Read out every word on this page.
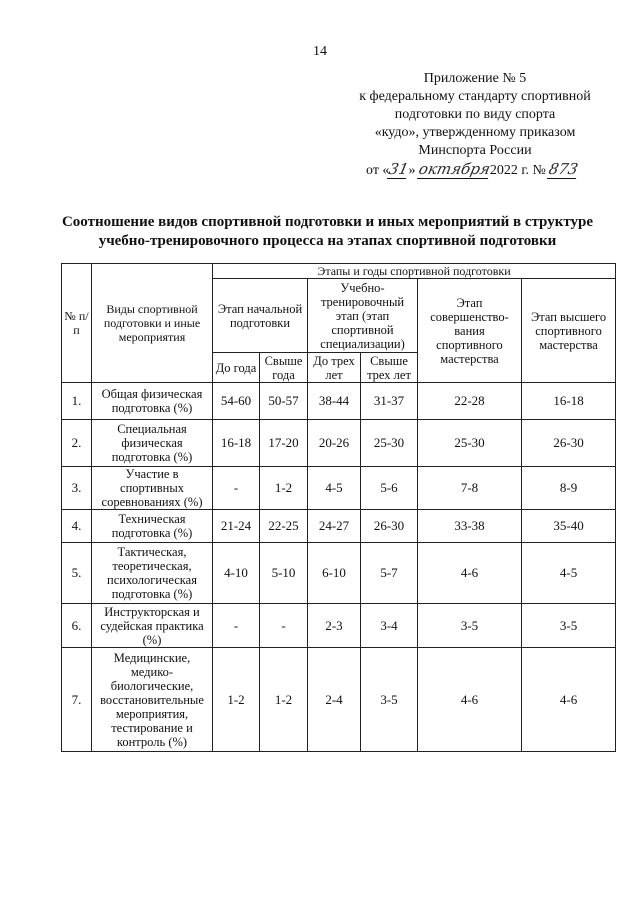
14
Приложение № 5
к федеральному стандарту спортивной
подготовки по виду спорта
«кудо», утвержденному приказом
Минспорта России
от «31» октября2022 г. № 873
Соотношение видов спортивной подготовки и иных мероприятий в структуре
учебно-тренировочного процесса на этапах спортивной подготовки
№ п/п	Виды спортивной подготовки и иные мероприятия	Этапы и годы спортивной подготовки					
		Этап начальной подготовки		Учебно-тренировочный этап (этап спортивной специализации)		Этап совершенство-вания спортивного мастерства	Этап высшего спортивного мастерства
		До года	Свыше года	До трех лет	Свыше трех лет		
1.	Общая физическая подготовка (%)	54-60	50-57	38-44	31-37	22-28	16-18
2.	Специальная физическая подготовка (%)	16-18	17-20	20-26	25-30	25-30	26-30
3.	Участие в спортивных соревнованиях (%)	-	1-2	4-5	5-6	7-8	8-9
4.	Техническая подготовка (%)	21-24	22-25	24-27	26-30	33-38	35-40
5.	Тактическая, теоретическая, психологическая подготовка (%)	4-10	5-10	6-10	5-7	4-6	4-5
6.	Инструкторская и судейская практика (%)	-	-	2-3	3-4	3-5	3-5
7.	Медицинские, медико-биологические, восстановительные мероприятия, тестирование и контроль (%)	1-2	1-2	2-4	3-5	4-6	4-6
